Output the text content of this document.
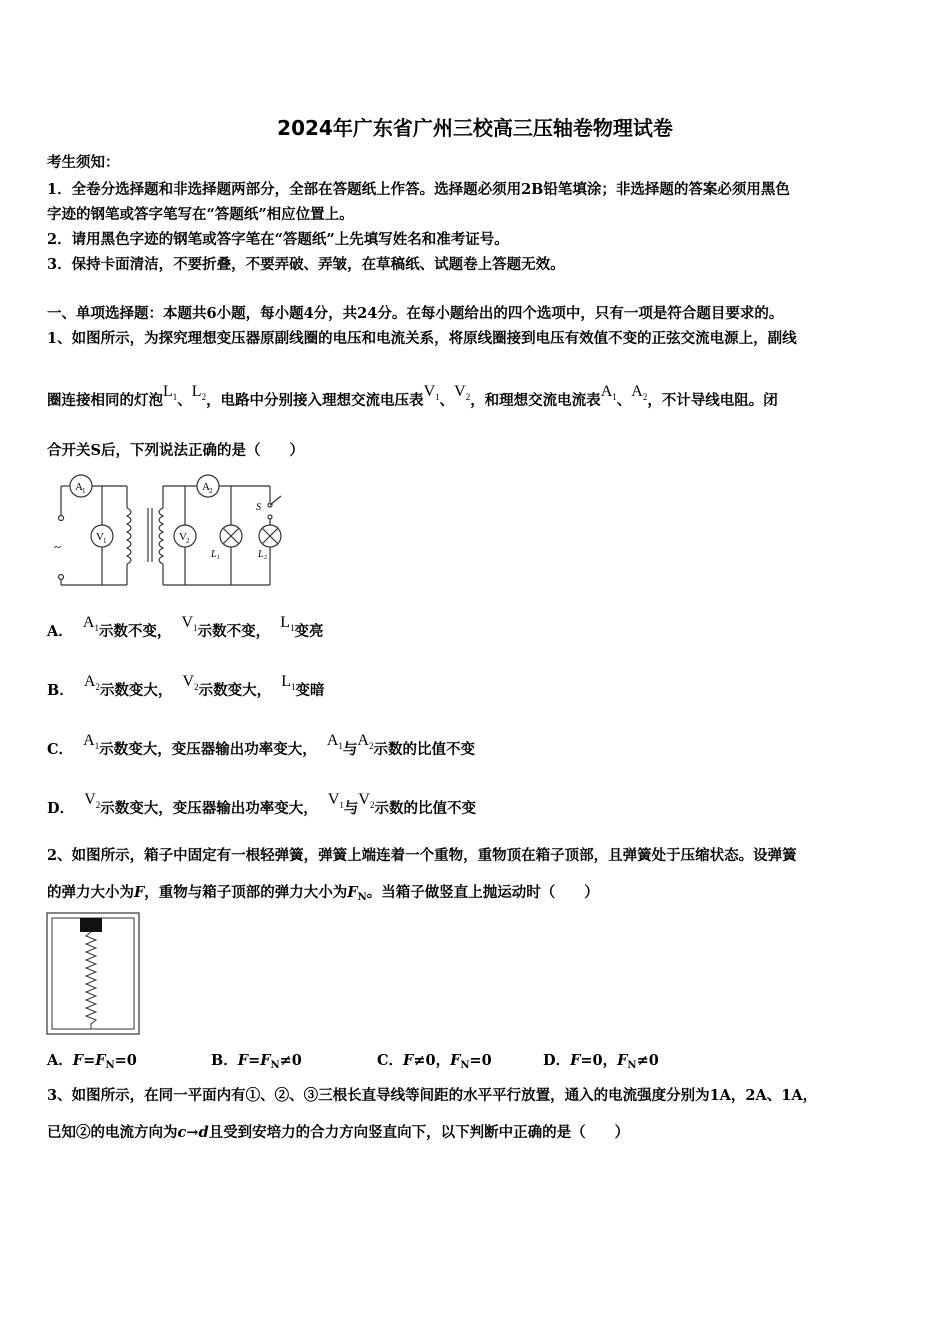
2024年广东省广州三校高三压轴卷物理试卷
考生须知：
1．全卷分选择题和非选择题两部分，全部在答题纸上作答。选择题必须用2B铅笔填涂；非选择题的答案必须用黑色
字迹的钢笔或答字笔写在“答题纸”相应位置上。
2．请用黑色字迹的钢笔或答字笔在“答题纸”上先填写姓名和准考证号。
3．保持卡面清洁，不要折叠，不要弄破、弄皱，在草稿纸、试题卷上答题无效。
一、单项选择题：本题共6小题，每小题4分，共24分。在每小题给出的四个选项中，只有一项是符合题目要求的。
1、如图所示，为探究理想变压器原副线圈的电压和电流关系，将原线圈接到电压有效值不变的正弦交流电源上，副线
圈连接相同的灯泡$L_1$、$L_2$，电路中分别接入理想交流电压表$V_1$、$V_2$，和理想交流电流表$A_1$、$A_2$，不计导线电阻。闭
合开关S后，下列说法正确的是（　　）
A 1
V 1
A 2
V 2
~
S
L 1	L 2
A．  $A_1$示数不变，  $V_1$示数不变，  $L_1$变亮
B．  $A_2$示数变大，  $V_2$示数变大，  $L_1$变暗
C．  $A_1$示数变大，变压器输出功率变大，  $A_1$与$A_2$示数的比值不变
D．  $V_2$示数变大，变压器输出功率变大，  $V_1$与$V_2$示数的比值不变
2、如图所示，箱子中固定有一根轻弹簧，弹簧上端连着一个重物，重物顶在箱子顶部，且弹簧处于压缩状态。设弹簧
的弹力大小为F，重物与箱子顶部的弹力大小为$F_N$。当箱子做竖直上抛运动时（　　）
A．$F=F_N=0$	B．$F=F_N\ne 0$	C．F≠0，$F_N=0$	D．F=0，$F_N\ne 0$
3、如图所示，在同一平面内有①、②、③三根长直导线等间距的水平平行放置，通入的电流强度分别为1A，2A、1A，
已知②的电流方向为c→d且受到安培力的合力方向竖直向下，以下判断中正确的是（　　）
